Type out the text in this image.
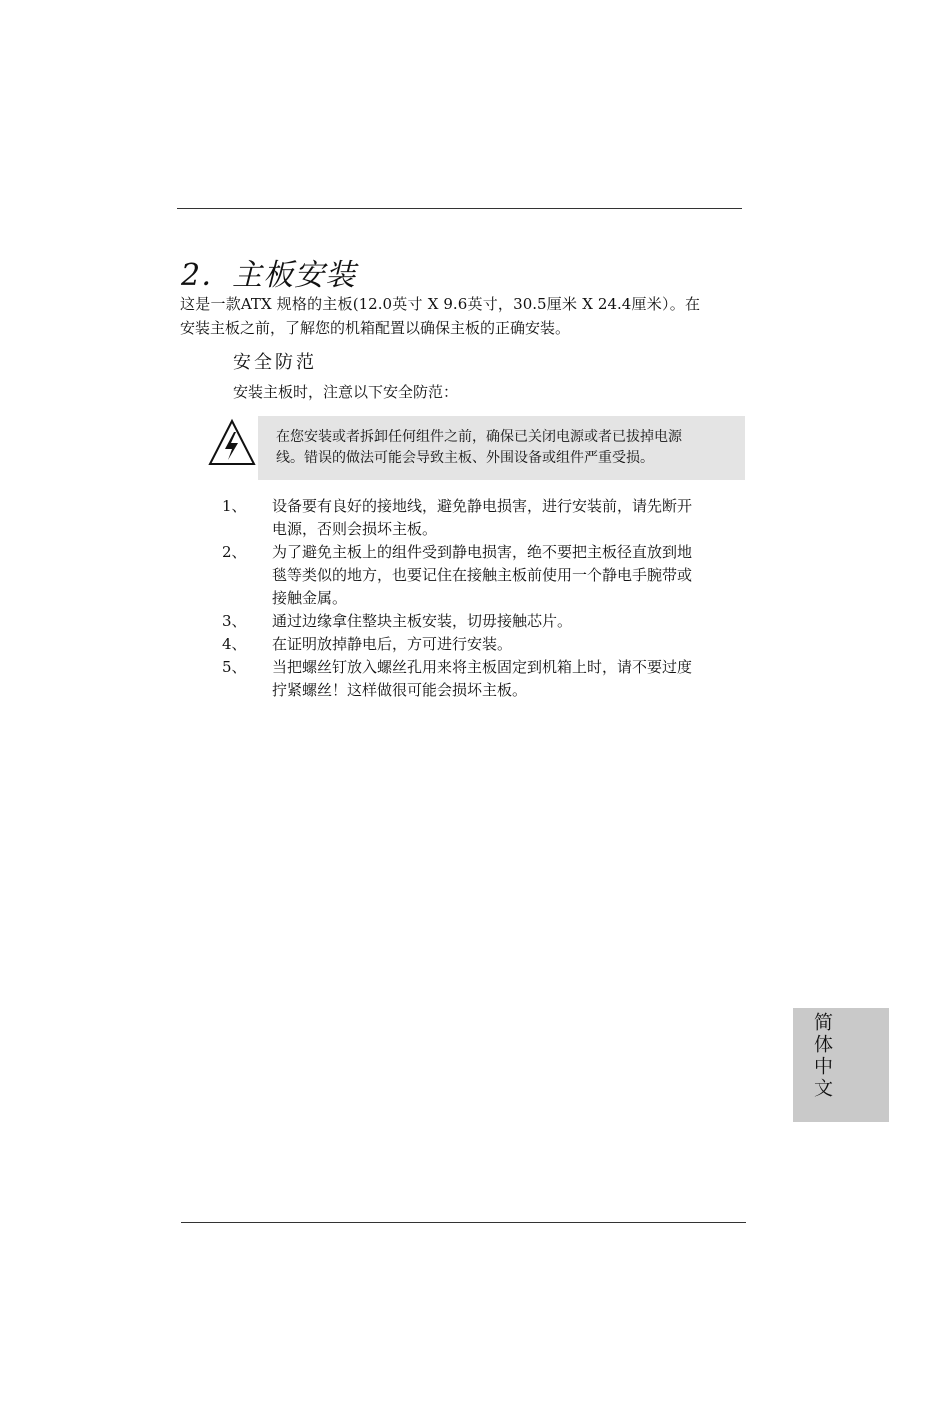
2．主板安装
这是一款ATX 规格的主板(12.0英寸 X 9.6英寸，30.5厘米 X 24.4厘米）。在安装主板之前，了解您的机箱配置以确保主板的正确安装。
安全防范
安装主板时，注意以下安全防范：
在您安装或者拆卸任何组件之前，确保已关闭电源或者已拔掉电源线。错误的做法可能会导致主板、外围设备或组件严重受损。
1、	设备要有良好的接地线，避免静电损害，进行安装前，请先断开电源，否则会损坏主板。
2、	为了避免主板上的组件受到静电损害，绝不要把主板径直放到地毯等类似的地方，也要记住在接触主板前使用一个静电手腕带或接触金属。
3、	通过边缘拿住整块主板安装，切毋接触芯片。
4、	在证明放掉静电后，方可进行安装。
5、	当把螺丝钉放入螺丝孔用来将主板固定到机箱上时，请不要过度拧紧螺丝！这样做很可能会损坏主板。
简体中文
